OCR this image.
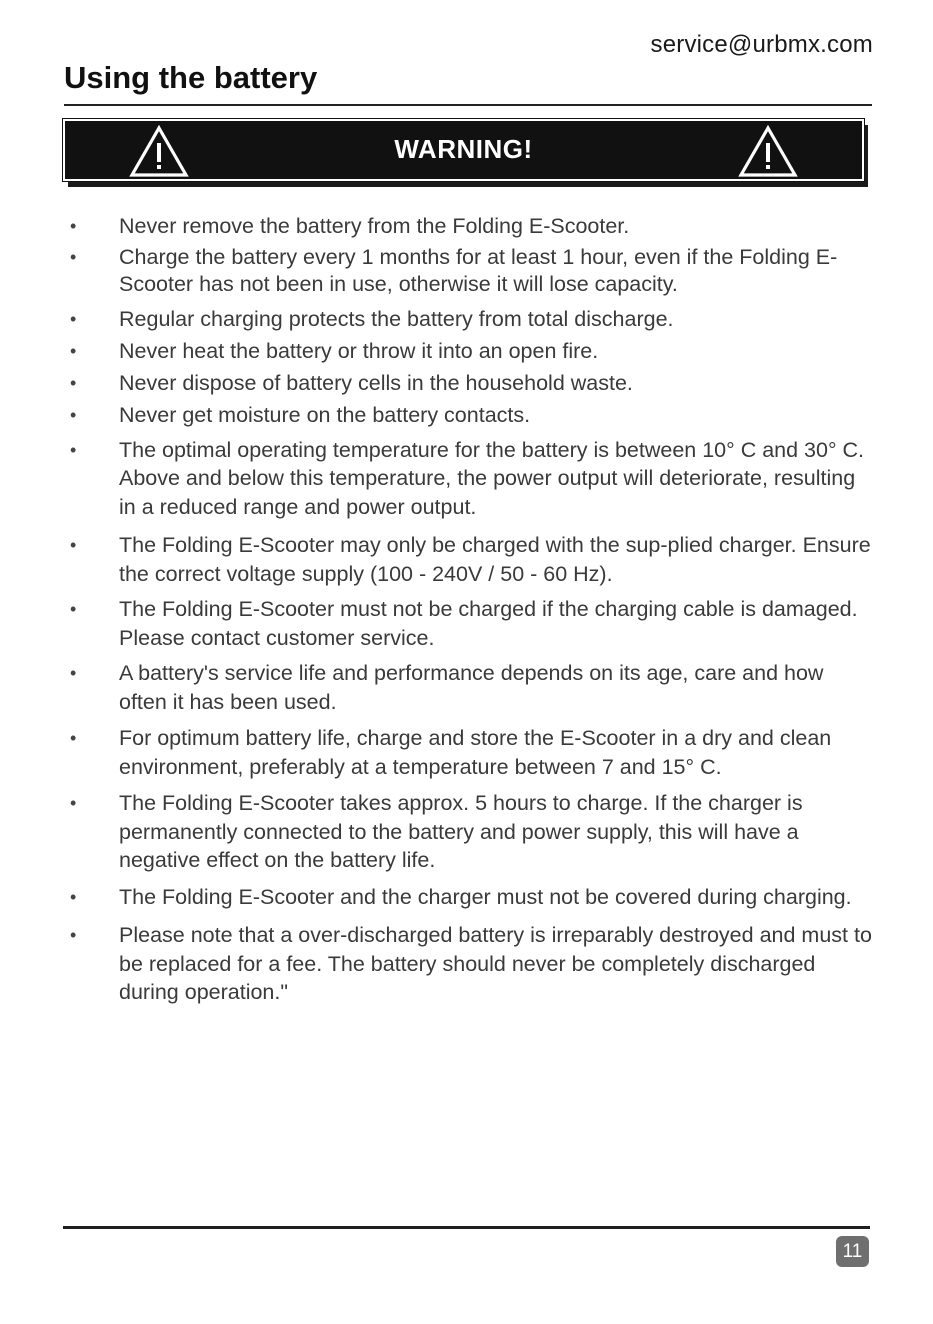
service@urbmx.com
Using the battery
WARNING!
• Never remove the battery from the Folding E-Scooter.
• Charge the battery every 1 months for at least 1 hour, even if the Folding E-Scooter has not been in use, otherwise it will lose capacity.
• Regular charging protects the battery from total discharge.
• Never heat the battery or throw it into an open fire.
• Never dispose of battery cells in the household waste.
• Never get moisture on the battery contacts.
• The optimal operating temperature for the battery is between 10° C and 30° C. Above and below this temperature, the power output will deteriorate, resulting in a reduced range and power output.
• The Folding E-Scooter may only be charged with the sup-plied charger. Ensure the correct voltage supply (100 - 240V / 50 - 60 Hz).
• The Folding E-Scooter must not be charged if the charging cable is damaged. Please contact customer service.
• A battery's service life and performance depends on its age, care and how often it has been used.
• For optimum battery life, charge and store the E-Scooter in a dry and clean environment, preferably at a temperature between 7 and 15° C.
• The Folding E-Scooter takes approx. 5 hours to charge. If the charger is permanently connected to the battery and power supply, this will have a negative effect on the battery life.
• The Folding E-Scooter and the charger must not be covered during charging.
• Please note that a over-discharged battery is irreparably destroyed and must to be replaced for a fee. The battery should never be completely discharged during operation."
11
